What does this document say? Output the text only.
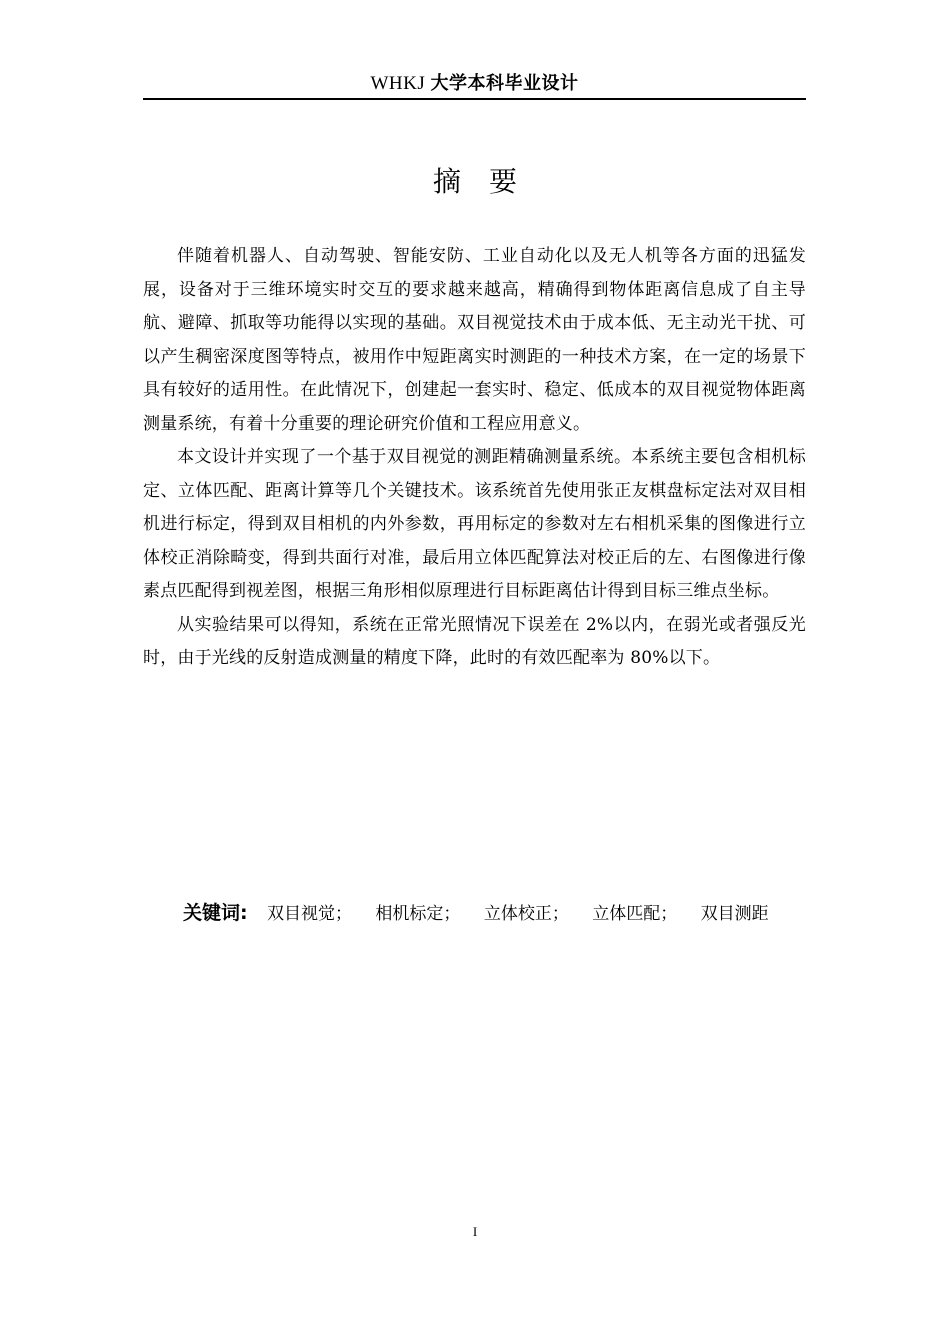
WHKJ 大学本科毕业设计
摘要

伴随着机器人、自动驾驶、智能安防、工业自动化以及无人机等各方面的迅猛发展，设备对于三维环境实时交互的要求越来越高，精确得到物体距离信息成了自主导航、避障、抓取等功能得以实现的基础。双目视觉技术由于成本低、无主动光干扰、可以产生稠密深度图等特点，被用作中短距离实时测距的一种技术方案，在一定的场景下具有较好的适用性。在此情况下，创建起一套实时、稳定、低成本的双目视觉物体距离测量系统，有着十分重要的理论研究价值和工程应用意义。

本文设计并实现了一个基于双目视觉的测距精确测量系统。本系统主要包含相机标定、立体匹配、距离计算等几个关键技术。该系统首先使用张正友棋盘标定法对双目相机进行标定，得到双目相机的内外参数，再用标定的参数对左右相机采集的图像进行立体校正消除畸变，得到共面行对准，最后用立体匹配算法对校正后的左、右图像进行像素点匹配得到视差图，根据三角形相似原理进行目标距离估计得到目标三维点坐标。

从实验结果可以得知，系统在正常光照情况下误差在 2%以内，在弱光或者强反光时，由于光线的反射造成测量的精度下降，此时的有效匹配率为 80%以下。

关键词: 双目视觉； 相机标定； 立体校正； 立体匹配； 双目测距
I
